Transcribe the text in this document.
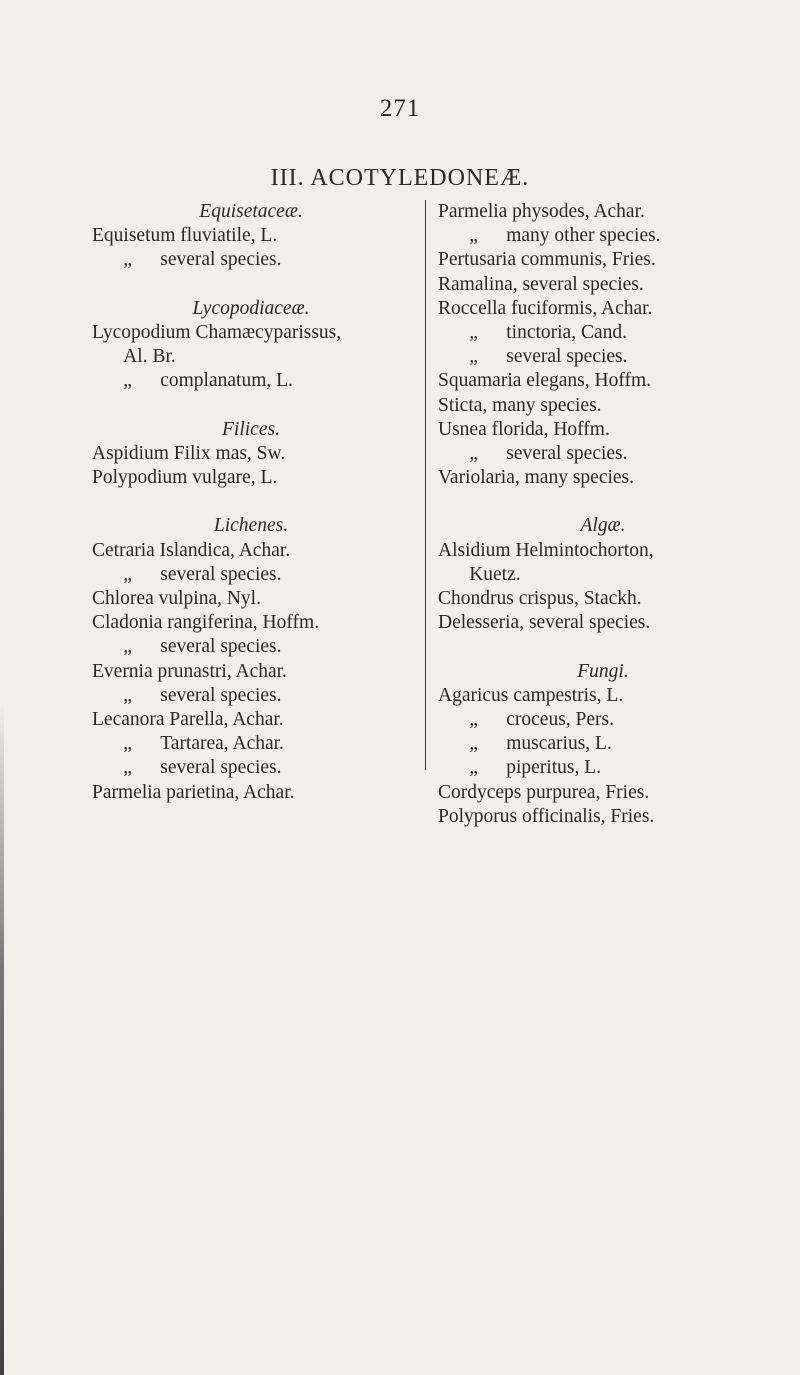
271
III. ACOTYLEDONEÆ.
Equisetaceæ.
Equisetum fluviatile, L.
„ several species.
Lycopodiaceæ.
Lycopodium Chamæcyparissus,
Al. Br.
„ complanatum, L.
Filices.
Aspidium Filix mas, Sw.
Polypodium vulgare, L.
Lichenes.
Cetraria Islandica, Achar.
„ several species.
Chlorea vulpina, Nyl.
Cladonia rangiferina, Hoffm.
„ several species.
Evernia prunastri, Achar.
„ several species.
Lecanora Parella, Achar.
„ Tartarea, Achar.
„ several species.
Parmelia parietina, Achar.
Parmelia physodes, Achar.
„ many other species.
Pertusaria communis, Fries.
Ramalina, several species.
Roccella fuciformis, Achar.
„ tinctoria, Cand.
„ several species.
Squamaria elegans, Hoffm.
Sticta, many species.
Usnea florida, Hoffm.
„ several species.
Variolaria, many species.
Algæ.
Alsidium Helmintochorton,
Kuetz.
Chondrus crispus, Stackh.
Delesseria, several species.
Fungi.
Agaricus campestris, L.
„ croceus, Pers.
„ muscarius, L.
„ piperitus, L.
Cordyceps purpurea, Fries.
Polyporus officinalis, Fries.
